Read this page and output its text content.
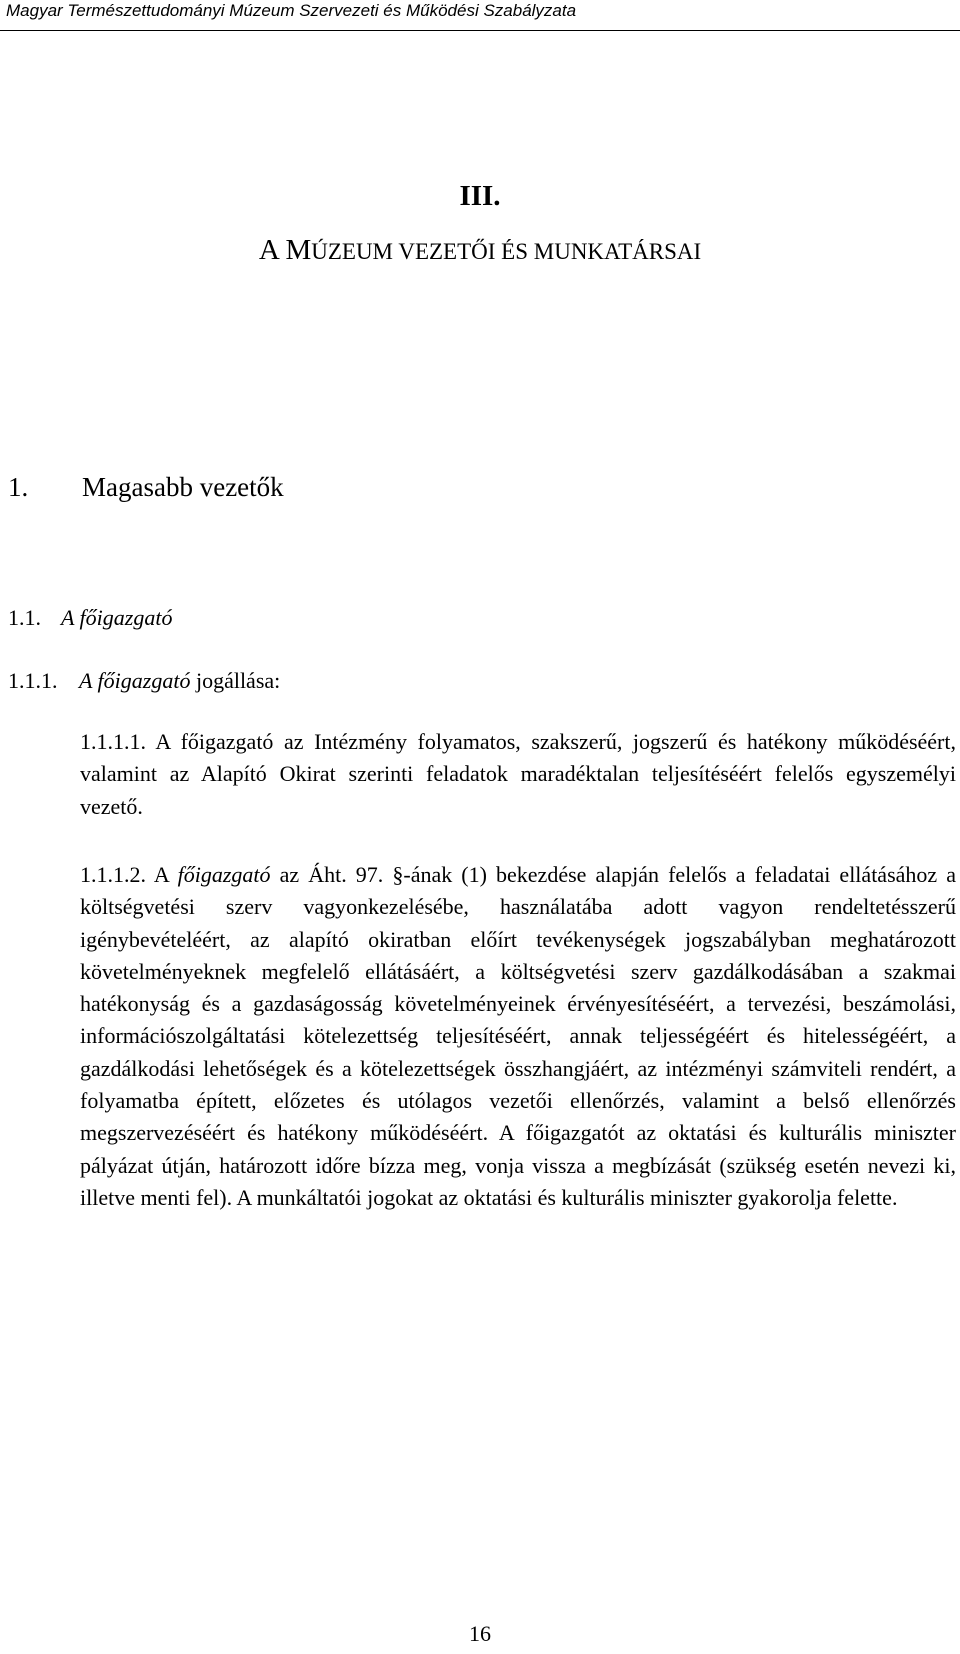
Magyar Természettudományi Múzeum Szervezeti és Működési Szabályzata
III.
A MÚZEUM VEZETŐI ÉS MUNKATÁRSAI
1. Magasabb vezetők
1.1. A főigazgató
1.1.1. A főigazgató jogállása:
1.1.1.1. A főigazgató az Intézmény folyamatos, szakszerű, jogszerű és hatékony működéséért, valamint az Alapító Okirat szerinti feladatok maradéktalan teljesítéséért felelős egyszemélyi vezető.
1.1.1.2. A főigazgató az Áht. 97. §-ának (1) bekezdése alapján felelős a feladatai ellátásához a költségvetési szerv vagyonkezelésébe, használatába adott vagyon rendeltetésszerű igénybevételéért, az alapító okiratban előírt tevékenységek jogszabályban meghatározott követelményeknek megfelelő ellátásáért, a költségvetési szerv gazdálkodásában a szakmai hatékonyság és a gazdaságosság követelményeinek érvényesítéséért, a tervezési, beszámolási, információszolgáltatási kötelezettség teljesítéséért, annak teljességéért és hitelességéért, a gazdálkodási lehetőségek és a kötelezettségek összhangjáért, az intézményi számviteli rendért, a folyamatba épített, előzetes és utólagos vezetői ellenőrzés, valamint a belső ellenőrzés megszervezéséért és hatékony működéséért. A főigazgatót az oktatási és kulturális miniszter pályázat útján, határozott időre bízza meg, vonja vissza a megbízását (szükség esetén nevezi ki, illetve menti fel). A munkáltatói jogokat az oktatási és kulturális miniszter gyakorolja felette.
16
